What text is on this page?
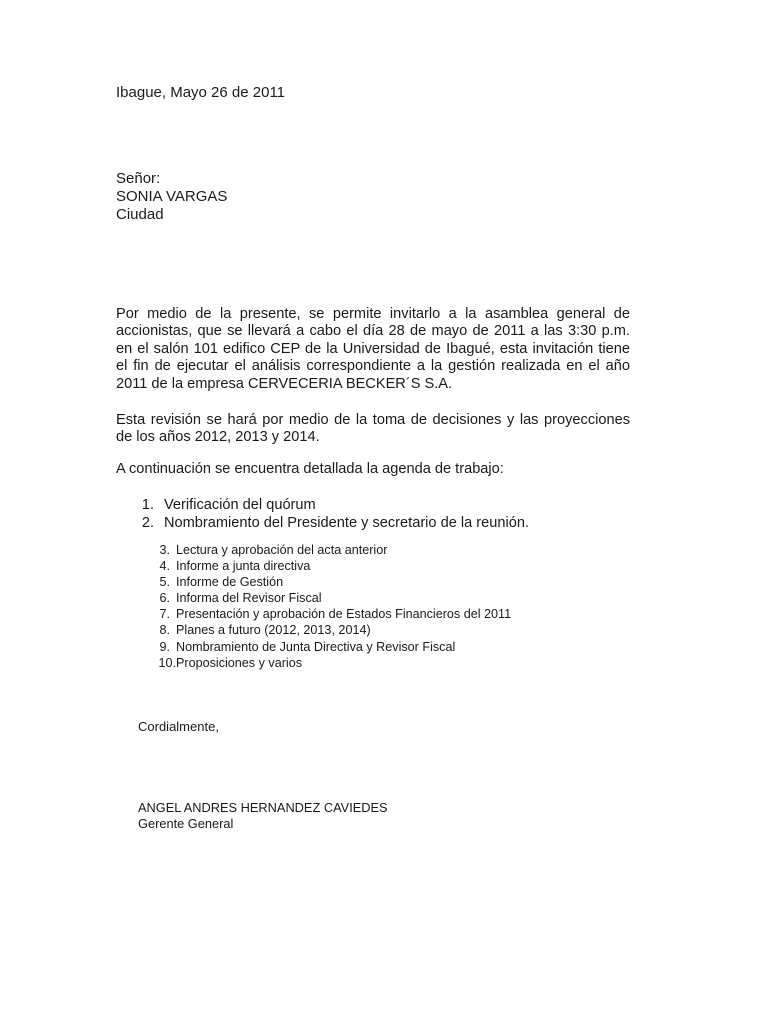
Ibague, Mayo 26 de 2011

Señor:

SONIA VARGAS

Ciudad

Por medio de la presente, se permite invitarlo a la asamblea general de accionistas, que se llevará a cabo el día 28 de mayo de 2011 a las 3:30 p.m. en el salón 101 edifico CEP de la Universidad de Ibagué, esta invitación tiene el fin de ejecutar el análisis correspondiente a la gestión realizada en el año 2011 de la empresa CERVECERIA BECKER´S S.A.

Esta revisión se hará por medio de la toma de decisiones y las proyecciones de los años 2012, 2013 y 2014.

A continuación se encuentra detallada la agenda de trabajo:

1. Verificación del quórum
2. Nombramiento del Presidente y secretario de la reunión.
3. Lectura y aprobación del acta anterior
4. Informe a junta directiva
5. Informe de Gestión
6. Informa del Revisor Fiscal
7. Presentación y aprobación de Estados Financieros del 2011
8. Planes a futuro (2012, 2013, 2014)
9. Nombramiento de Junta Directiva y Revisor Fiscal
10. Proposiciones y varios

Cordialmente,

ANGEL ANDRES HERNANDEZ CAVIEDES

Gerente General
